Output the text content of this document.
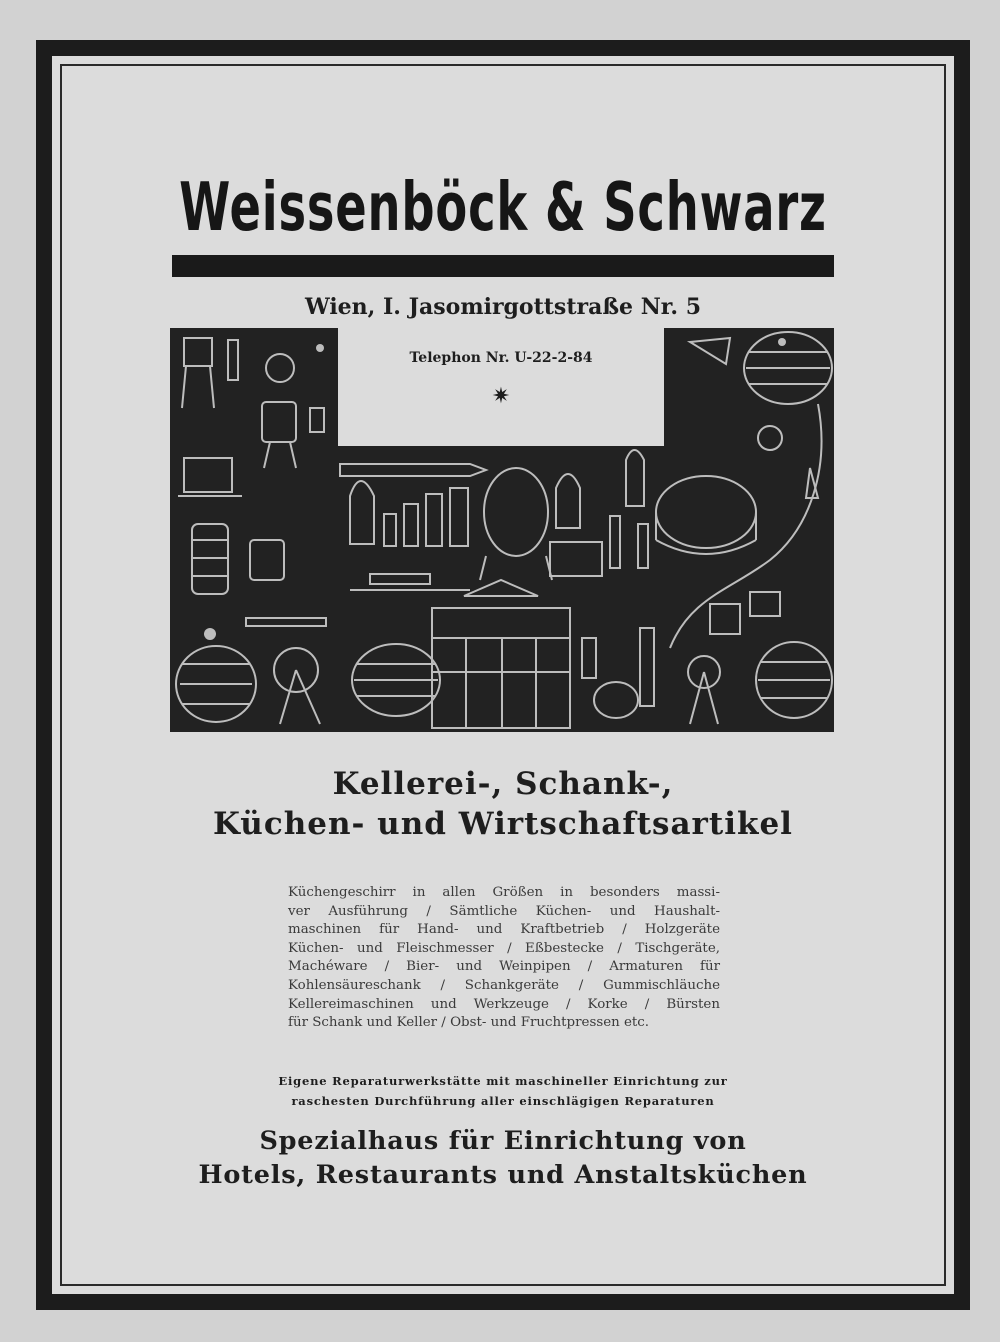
Weissenböck & Schwarz
Wien, I. Jasomirgottstraße Nr. 5
Telephon Nr. U-22-2-84
✷
Kellerei-, Schank-,
Küchen- und Wirtschaftsartikel
Küchengeschirr in allen Größen in besonders massi-
ver Ausführung / Sämtliche Küchen- und Haushalt-
maschinen für Hand- und Kraftbetrieb / Holzgeräte
Küchen- und Fleischmesser / Eßbestecke / Tischgeräte,
Machéware / Bier- und Weinpipen / Armaturen für
Kohlensäureschank / Schankgeräte / Gummischläuche
Kellereimaschinen und Werkzeuge / Korke / Bürsten
für Schank und Keller / Obst- und Fruchtpressen etc.
Eigene Reparaturwerkstätte mit maschineller Einrichtung zur
raschesten Durchführung aller einschlägigen Reparaturen
Spezialhaus für Einrichtung von
Hotels, Restaurants und Anstaltsküchen
